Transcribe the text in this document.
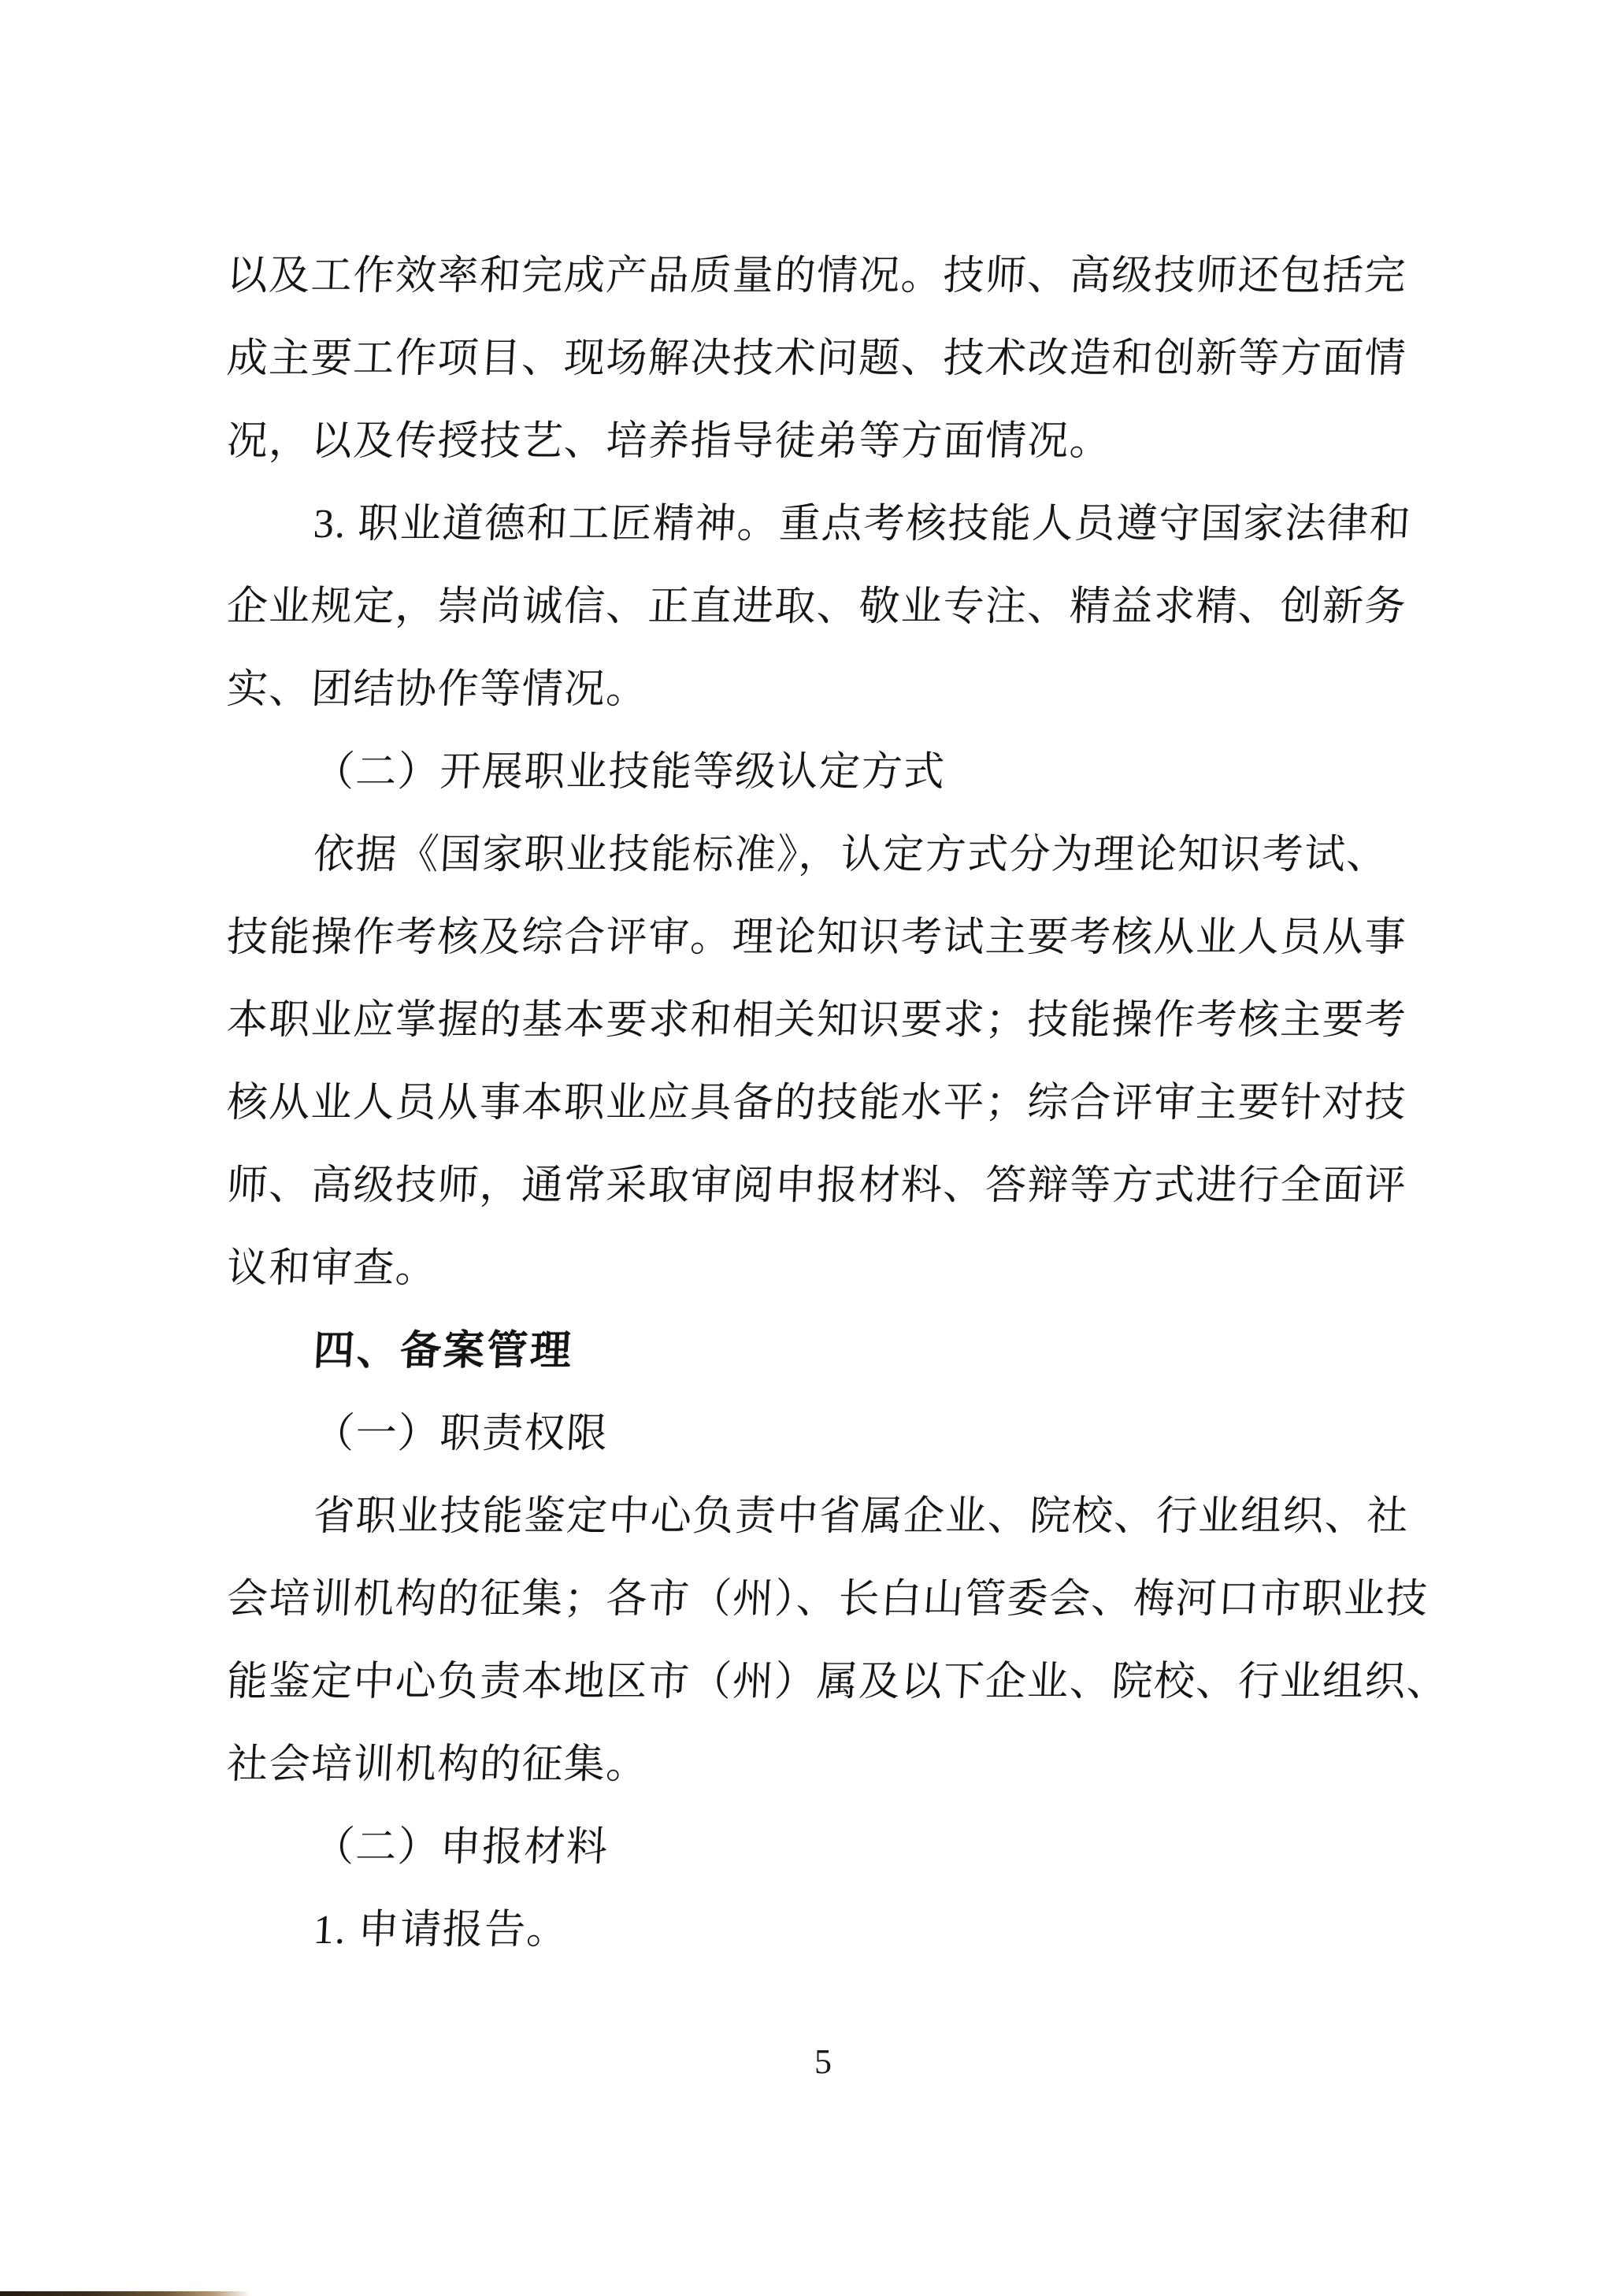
以及工作效率和完成产品质量的情况。技师、高级技师还包括完
成主要工作项目、现场解决技术问题、技术改造和创新等方面情
况，以及传授技艺、培养指导徒弟等方面情况。
3. 职业道德和工匠精神。重点考核技能人员遵守国家法律和
企业规定，崇尚诚信、正直进取、敬业专注、精益求精、创新务
实、团结协作等情况。
（二）开展职业技能等级认定方式
依据《国家职业技能标准》，认定方式分为理论知识考试、
技能操作考核及综合评审。理论知识考试主要考核从业人员从事
本职业应掌握的基本要求和相关知识要求；技能操作考核主要考
核从业人员从事本职业应具备的技能水平；综合评审主要针对技
师、高级技师，通常采取审阅申报材料、答辩等方式进行全面评
议和审查。
四、备案管理
（一）职责权限
省职业技能鉴定中心负责中省属企业、院校、行业组织、社
会培训机构的征集；各市（州）、长白山管委会、梅河口市职业技
能鉴定中心负责本地区市（州）属及以下企业、院校、行业组织、
社会培训机构的征集。
（二）申报材料
1. 申请报告。
5
